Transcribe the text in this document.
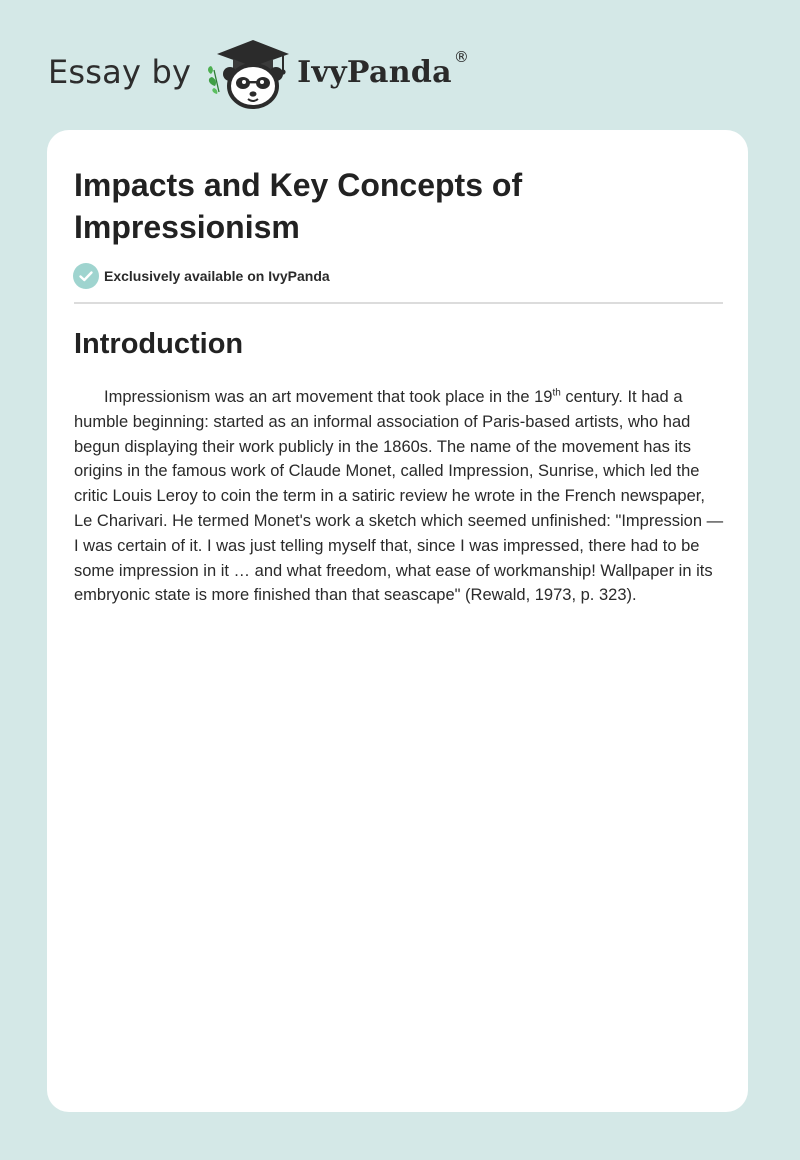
Essay by	IvyPanda ®
Impacts and Key Concepts of Impressionism
Exclusively available on IvyPanda
Introduction

Impressionism was an art movement that took place in the 19th century. It had a humble beginning: started as an informal association of Paris-based artists, who had begun displaying their work publicly in the 1860s. The name of the movement has its origins in the famous work of Claude Monet, called Impression, Sunrise, which led the critic Louis Leroy to coin the term in a satiric review he wrote in the French newspaper, Le Charivari. He termed Monet's work a sketch which seemed unfinished: "Impression — I was certain of it. I was just telling myself that, since I was impressed, there had to be some impression in it … and what freedom, what ease of workmanship! Wallpaper in its embryonic state is more finished than that seascape" (Rewald, 1973, p. 323).
